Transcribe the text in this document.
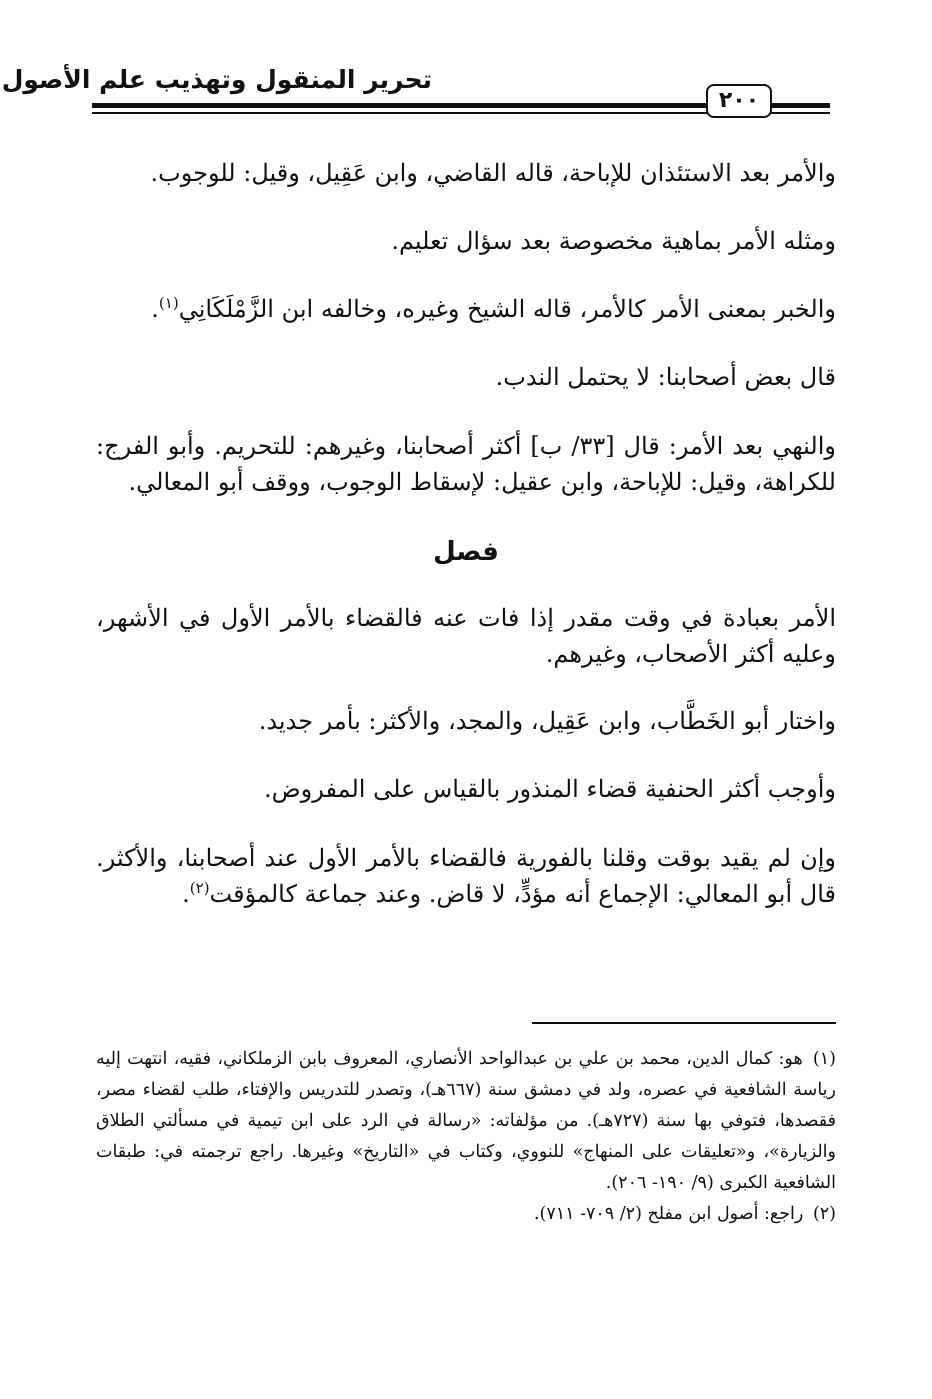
تحرير المنقول وتهذيب علم الأصول
٢٠٠

والأمر بعد الاستئذان للإباحة، قاله القاضي، وابن عَقِيل، وقيل: للوجوب.

ومثله الأمر بماهية مخصوصة بعد سؤال تعليم.

والخبر بمعنى الأمر كالأمر، قاله الشيخ وغيره، وخالفه ابن الزَّمْلَكَانِي$^{(١)}$.

قال بعض أصحابنا: لا يحتمل الندب.

والنهي بعد الأمر: قال [٣٣/ ب] أكثر أصحابنا، وغيرهم: للتحريم. وأبو الفرج: للكراهة، وقيل: للإباحة، وابن عقيل: لإسقاط الوجوب، ووقف أبو المعالي.

فصل

الأمر بعبادة في وقت مقدر إذا فات عنه فالقضاء بالأمر الأول في الأشهر، وعليه أكثر الأصحاب، وغيرهم.

واختار أبو الخَطَّاب، وابن عَقِيل، والمجد، والأكثر: بأمر جديد.

وأوجب أكثر الحنفية قضاء المنذور بالقياس على المفروض.

وإن لم يقيد بوقت وقلنا بالفورية فالقضاء بالأمر الأول عند أصحابنا، والأكثر. قال أبو المعالي: الإجماع أنه مؤدٍّ، لا قاض. وعند جماعة كالمؤقت$^{(٢)}$.

(١) هو: كمال الدين، محمد بن علي بن عبدالواحد الأنصاري، المعروف بابن الزملكاني، فقيه، انتهت إليه رياسة الشافعية في عصره، ولد في دمشق سنة (٦٦٧هـ)، وتصدر للتدريس والإفتاء، طلب لقضاء مصر، فقصدها، فتوفي بها سنة (٧٢٧هـ). من مؤلفاته: «رسالة في الرد على ابن تيمية في مسألتي الطلاق والزيارة»، و«تعليقات على المنهاج» للنووي، وكتاب في «التاريخ» وغيرها. راجع ترجمته في: طبقات الشافعية الكبرى (٩/ ١٩٠- ٢٠٦).

(٢) راجع: أصول ابن مفلح (٢/ ٧٠٩- ٧١١).
